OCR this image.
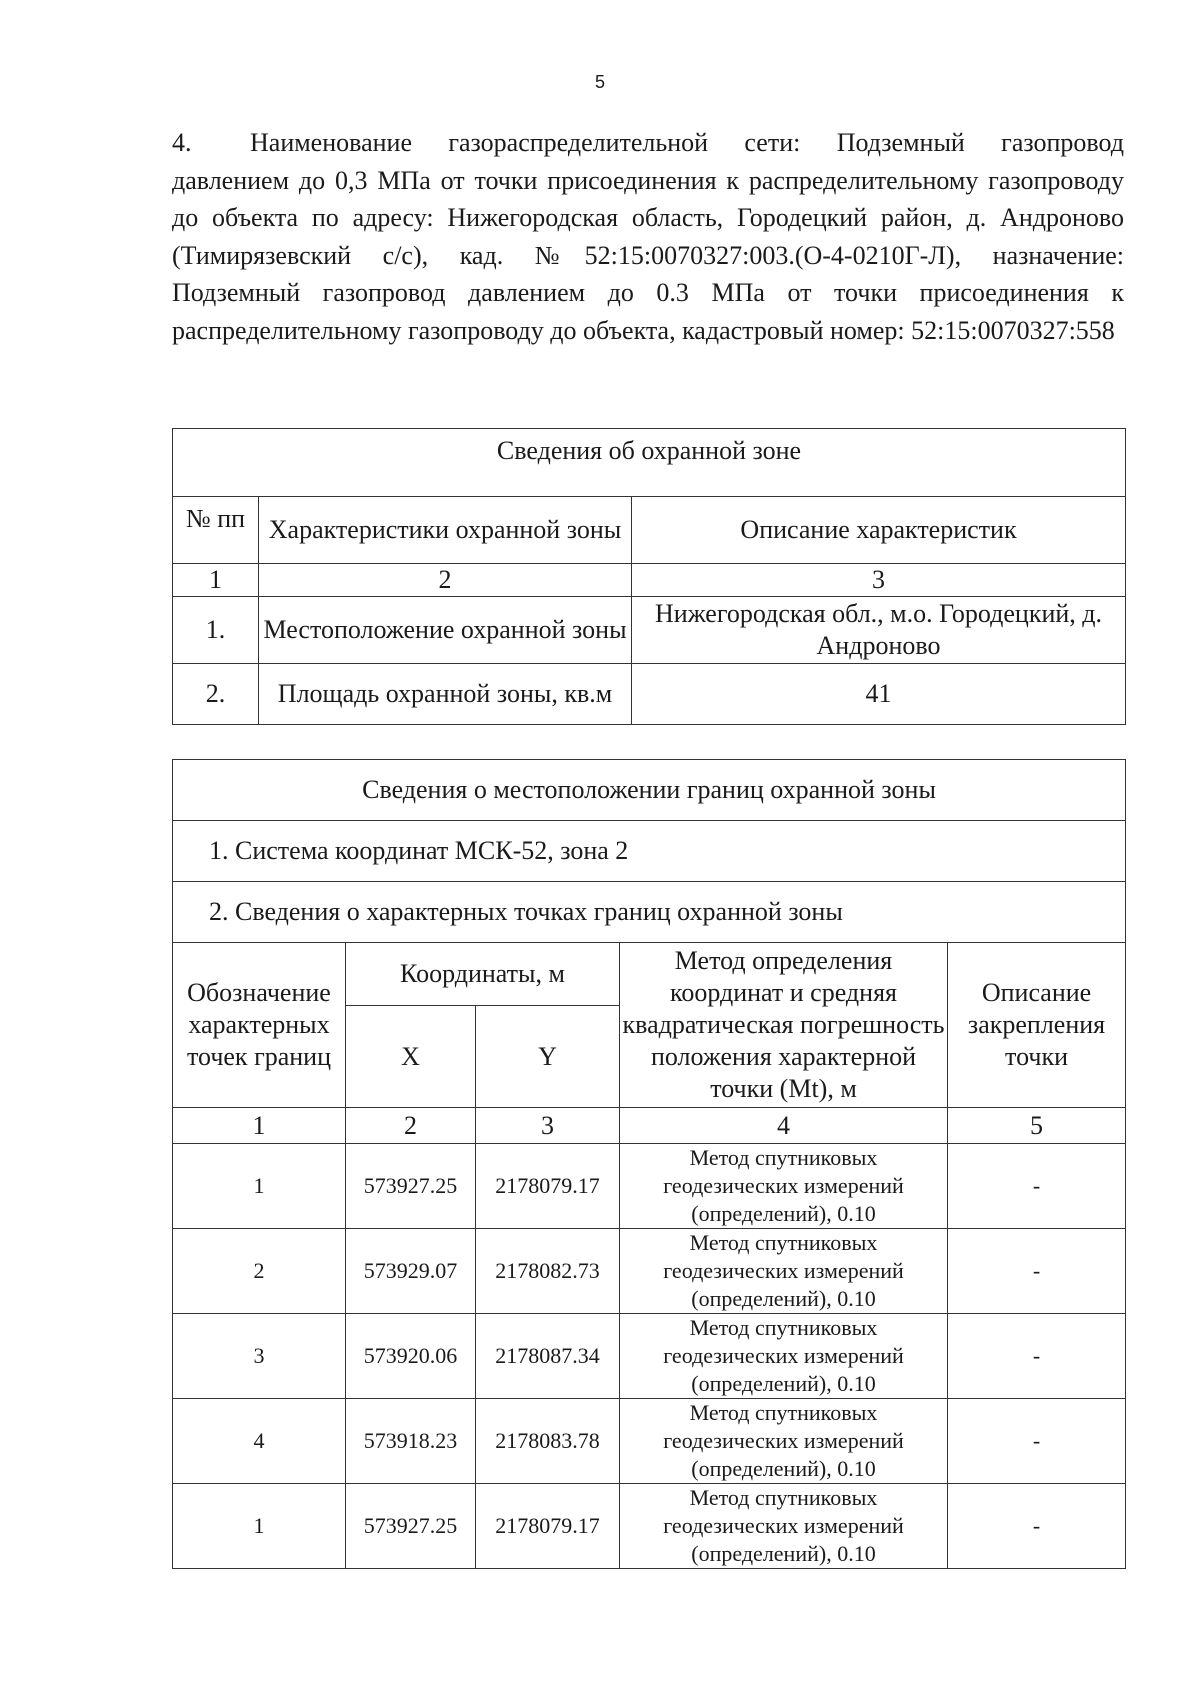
5
4. Наименование газораспределительной сети: Подземный газопровод давлением до 0,3 МПа от точки присоединения к распределительному газопроводу до объекта по адресу: Нижегородская область, Городецкий район, д. Андроново (Тимирязевский с/с), кад. №52:15:0070327:003.(О-4-0210Г-Л), назначение: Подземный газопровод давлением до 0.3 МПа от точки присоединения к распределительному газопроводу до объекта, кадастровый номер: 52:15:0070327:558
Сведения об охранной зоне		
№ пп	Характеристики охранной зоны	Описание характеристик
1	2	3
1.	Местоположение охранной зоны	Нижегородская обл., м.о. Городецкий, д. Андроново
2.	Площадь охранной зоны, кв.м	41
Сведения о местоположении границ охранной зоны				
1. Система координат МСК-52, зона 2				
2. Сведения о характерных точках границ охранной зоны				
Обозначение характерных точек границ	Координаты, м		Метод определения координат и средняя квадратическая погрешность положения характерной точки (Mt), м	Описание закрепления точки
	X	Y		
1	2	3	4	5
1	573927.25	2178079.17	Метод спутниковых геодезических измерений (определений), 0.10	-
2	573929.07	2178082.73	Метод спутниковых геодезических измерений (определений), 0.10	-
3	573920.06	2178087.34	Метод спутниковых геодезических измерений (определений), 0.10	-
4	573918.23	2178083.78	Метод спутниковых геодезических измерений (определений), 0.10	-
1	573927.25	2178079.17	Метод спутниковых геодезических измерений (определений), 0.10	-
